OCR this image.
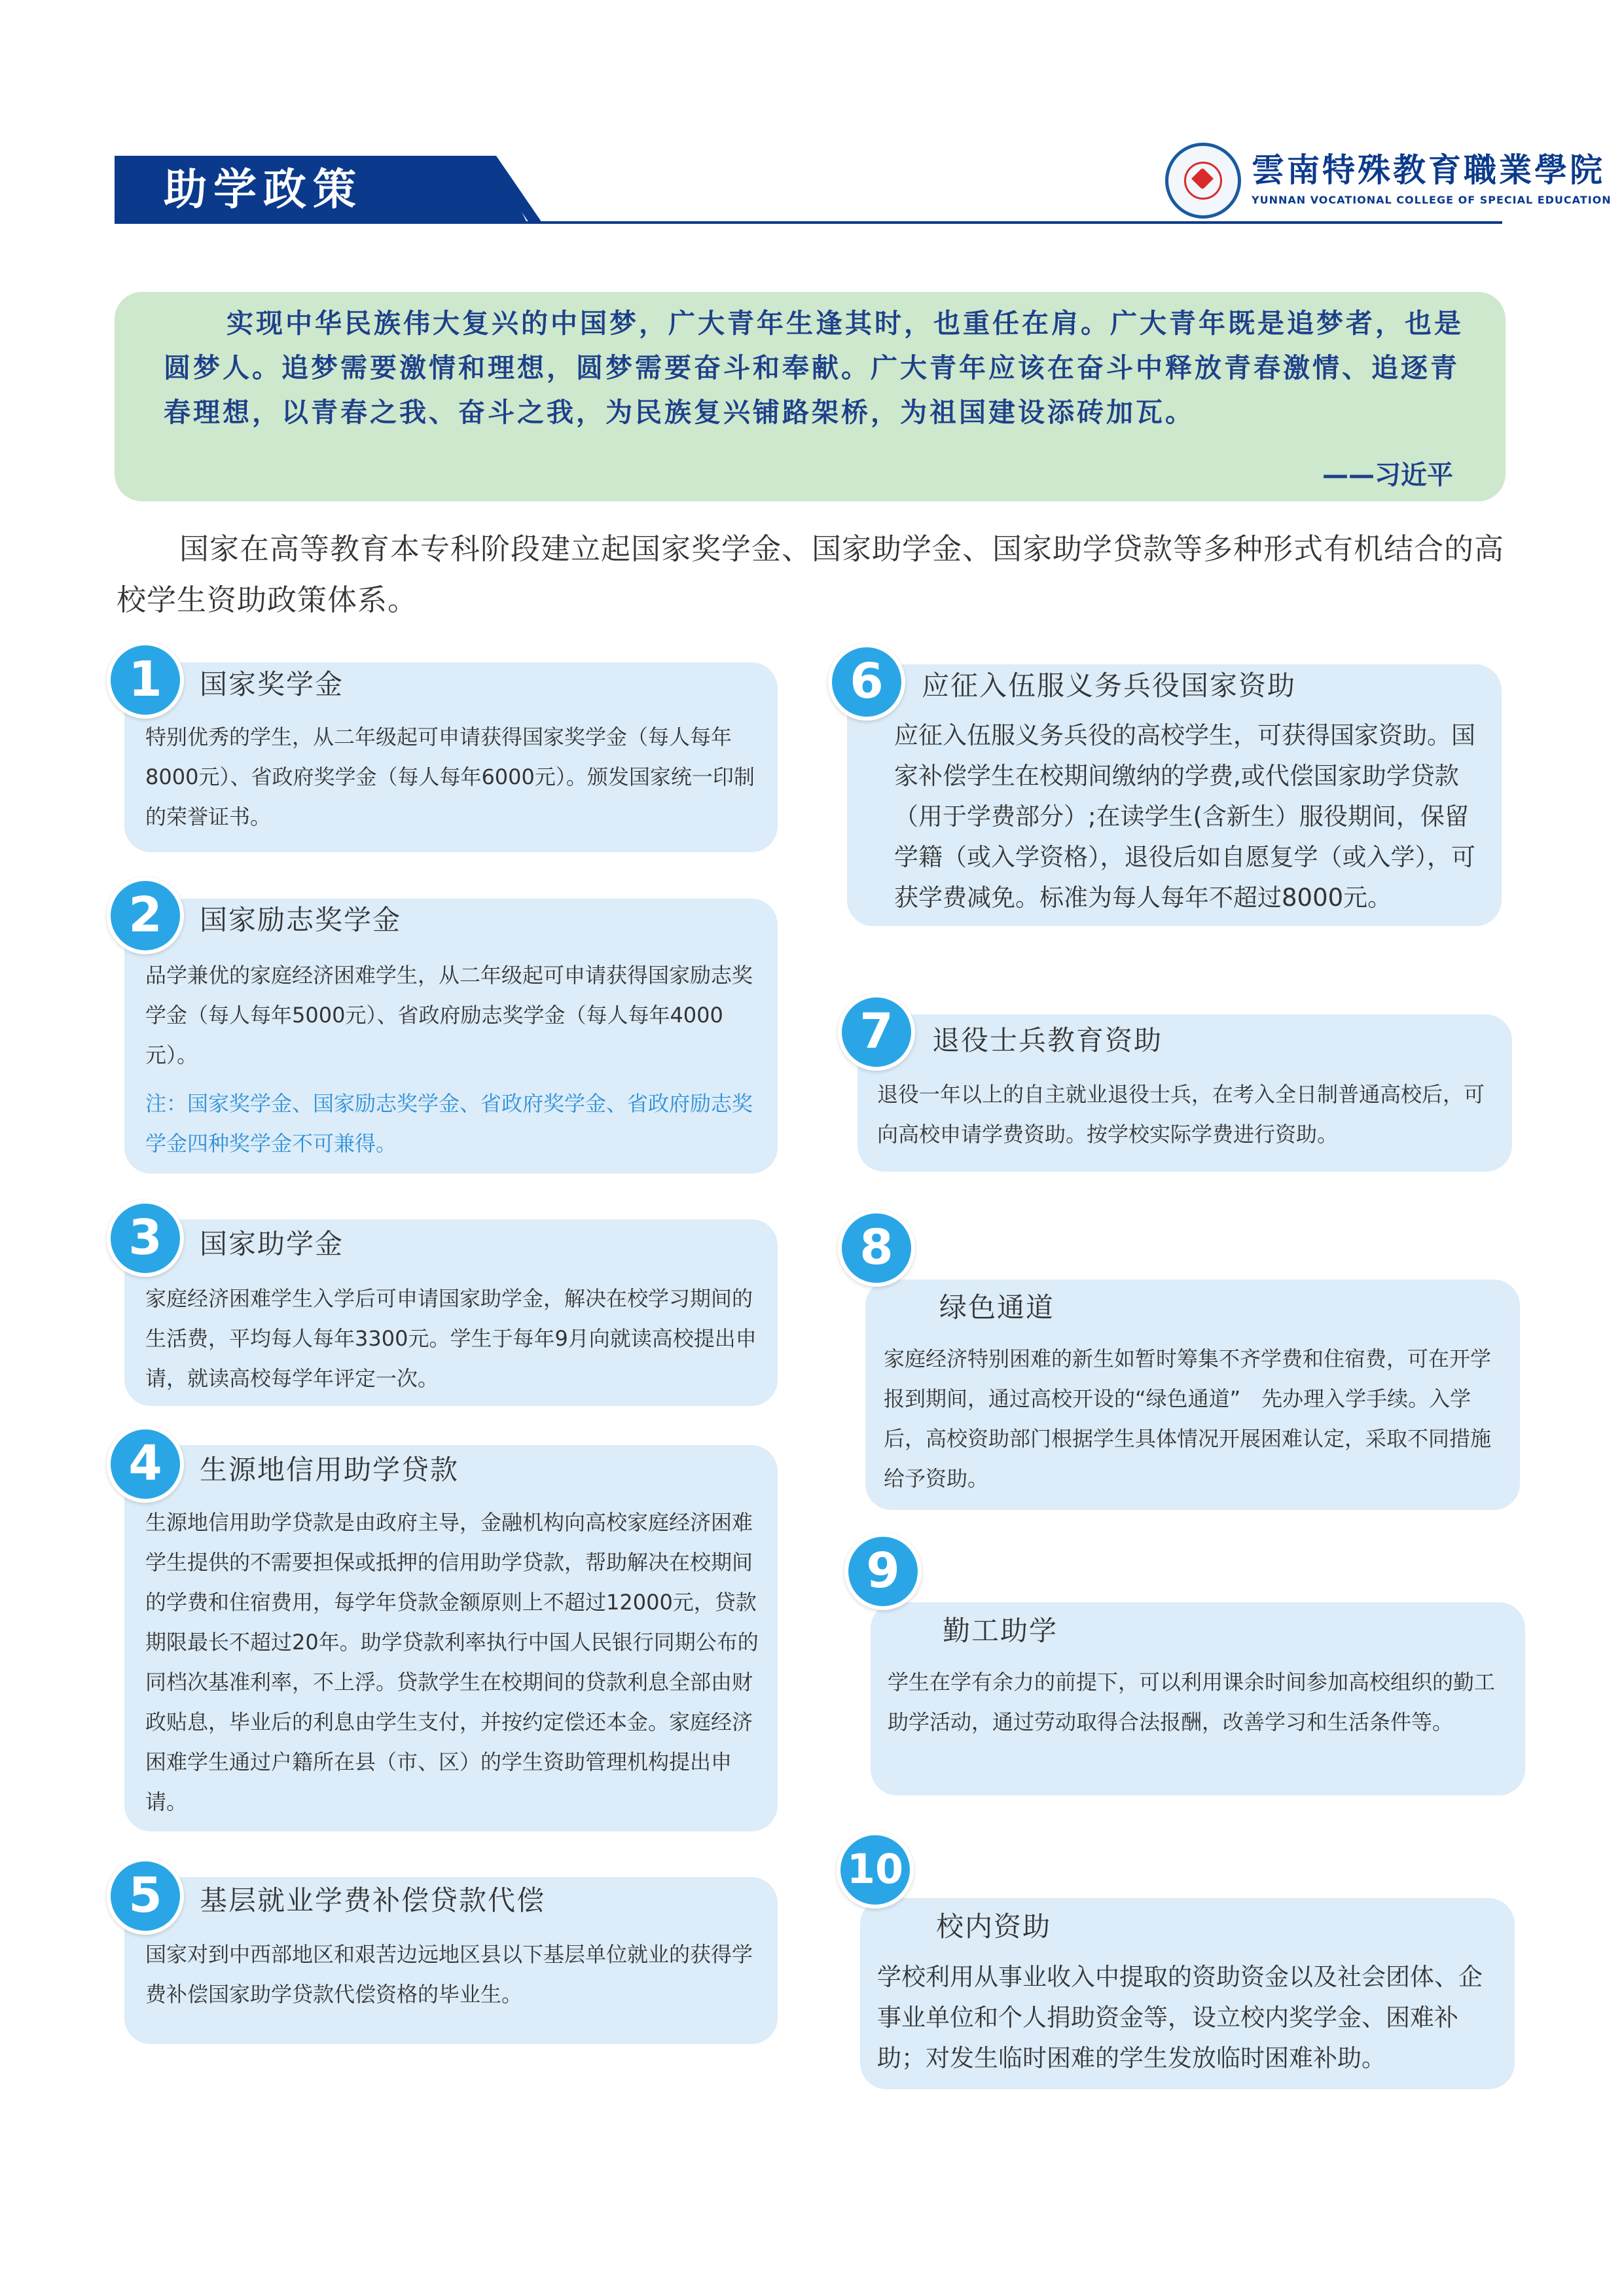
助学政策	雲南特殊教育職業學院
YUNNAN VOCATIONAL COLLEGE OF SPECIAL EDUCATION
实现中华民族伟大复兴的中国梦，广大青年生逢其时，也重任在肩。广大青年既是追梦者，也是圆梦人。追梦需要激情和理想，圆梦需要奋斗和奉献。广大青年应该在奋斗中释放青春激情、追逐青春理想，以青春之我、奋斗之我，为民族复兴铺路架桥，为祖国建设添砖加瓦。
——习近平
国家在高等教育本专科阶段建立起国家奖学金、国家助学金、国家助学贷款等多种形式有机结合的高校学生资助政策体系。
1	国家奖学金
特别优秀的学生，从二年级起可申请获得国家奖学金（每人每年8000元）、省政府奖学金（每人每年6000元）。颁发国家统一印制的荣誉证书。
2	国家励志奖学金
品学兼优的家庭经济困难学生，从二年级起可申请获得国家励志奖学金（每人每年5000元）、省政府励志奖学金（每人每年4000元）。
注：国家奖学金、国家励志奖学金、省政府奖学金、省政府励志奖学金四种奖学金不可兼得。
3	国家助学金
家庭经济困难学生入学后可申请国家助学金，解决在校学习期间的生活费，平均每人每年3300元。学生于每年9月向就读高校提出申请，就读高校每学年评定一次。
4	生源地信用助学贷款
生源地信用助学贷款是由政府主导，金融机构向高校家庭经济困难学生提供的不需要担保或抵押的信用助学贷款，帮助解决在校期间的学费和住宿费用，每学年贷款金额原则上不超过12000元，贷款期限最长不超过20年。助学贷款利率执行中国人民银行同期公布的同档次基准利率，不上浮。贷款学生在校期间的贷款利息全部由财政贴息，毕业后的利息由学生支付，并按约定偿还本金。家庭经济困难学生通过户籍所在县（市、区）的学生资助管理机构提出申请。
5	基层就业学费补偿贷款代偿
国家对到中西部地区和艰苦边远地区县以下基层单位就业的获得学费补偿国家助学贷款代偿资格的毕业生。
6	应征入伍服义务兵役国家资助
应征入伍服义务兵役的高校学生，可获得国家资助。国家补偿学生在校期间缴纳的学费,或代偿国家助学贷款（用于学费部分）;在读学生(含新生）服役期间，保留学籍（或入学资格），退役后如自愿复学（或入学），可获学费减免。标准为每人每年不超过8000元。
7	退役士兵教育资助
退役一年以上的自主就业退役士兵，在考入全日制普通高校后，可向高校申请学费资助。按学校实际学费进行资助。
8
绿色通道
家庭经济特别困难的新生如暂时筹集不齐学费和住宿费，可在开学报到期间，通过高校开设的“绿色通道”　先办理入学手续。入学后，高校资助部门根据学生具体情况开展困难认定，采取不同措施给予资助。
9
勤工助学
学生在学有余力的前提下，可以利用课余时间参加高校组织的勤工助学活动，通过劳动取得合法报酬，改善学习和生活条件等。
10
校内资助
学校利用从事业收入中提取的资助资金以及社会团体、企事业单位和个人捐助资金等，设立校内奖学金、困难补助；对发生临时困难的学生发放临时困难补助。
